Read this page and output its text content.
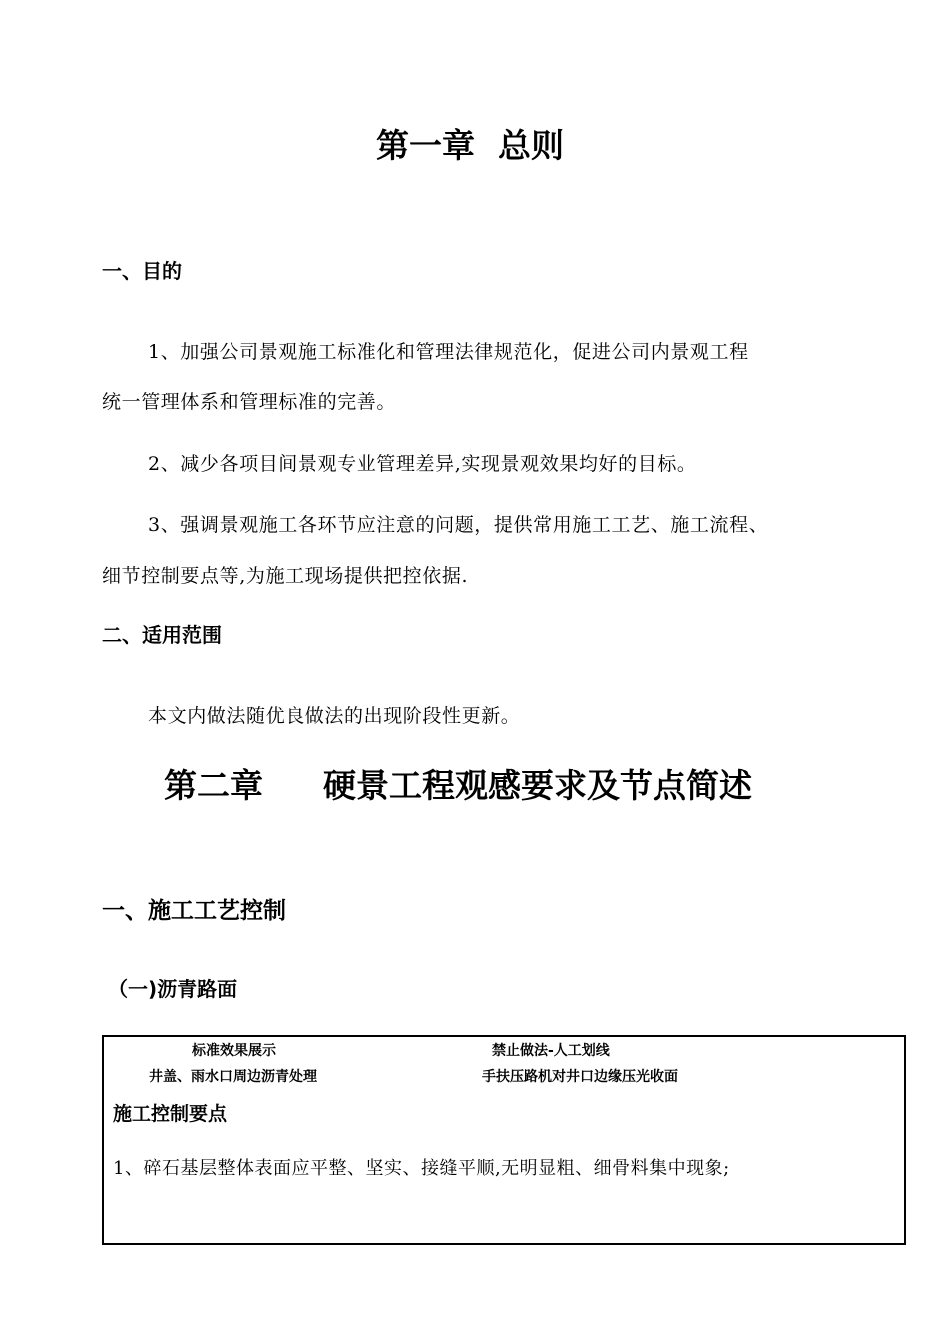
第一章  总则
一、目的
1、加强公司景观施工标准化和管理法律规范化，促进公司内景观工程
统一管理体系和管理标准的完善。
2、减少各项目间景观专业管理差异,实现景观效果均好的目标。
3、强调景观施工各环节应注意的问题，提供常用施工工艺、施工流程、
细节控制要点等,为施工现场提供把控依据.
二、适用范围
本文内做法随优良做法的出现阶段性更新。
第二章 硬景工程观感要求及节点简述
一、施工工艺控制
（一)沥青路面
标准效果展示	禁止做法-人工划线
井盖、雨水口周边沥青处理	手扶压路机对井口边缘压光收面
施工控制要点
1、碎石基层整体表面应平整、坚实、接缝平顺,无明显粗、细骨料集中现象;
